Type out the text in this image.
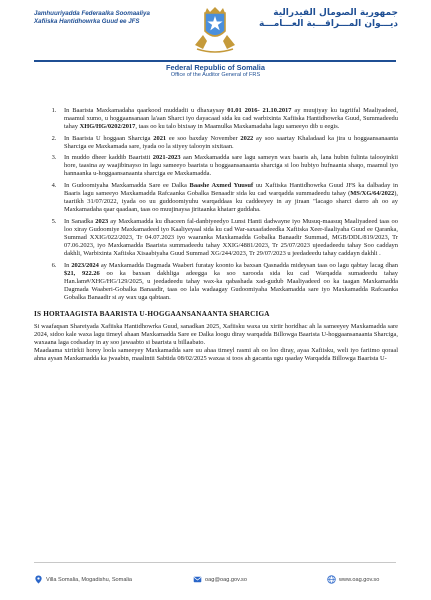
Jamhuuriyadda Federaalka Soomaaliya
Xafiiska Hantidhowrka Guud ee JFS
جمهورية الصومال الفيدرالية
ديـــوان المـــراقـــبة العـــامـــة
Federal Republic of Somalia
Office of the Auditor General of FRS
1. In Baarista Maxkamadaha qaarkood muddadii u dhaxaysay 01.01 2016- 21.10.2017 ay muujiyay ku tagriifal Maaliyadeed, maamul xumo, u hoggaansanaan la'aan Sharci iyo dayacaad sida ku cad warbixinta Xafiiska Hantidhowrka Guud, Summadeedu tahay XHG/HG/0202/2017, taas oo ku talo bixisay in Maamulka Maxkamadaha lagu sameeyo dib u eegis.
2. In Baarista U hoggaan Sharciga 2021 ee soo baxday November 2022 ay soo saartay Khaladaad ka jira u hoggaansanaanta Sharciga ee Maxkamada sare, iyada oo la siiyey talooyin sixitaan.
3. In muddo dheer kaddib Baaristii 2021-2023 aan Maxkamadda sare lagu sameyn wax baaris ah, lana hubin fulinta talooyinkii hore, taasina ay waajibinayso in lagu sameeyo baarista u hoggaansanaanta sharciga si loo hubiyo hufnaanta shaqo, maamul iyo hannaanka u-hoggaansanaanta sharciga ee Maxkamadda.
4. In Gudoomiyaha Maxkamadda Sare ee Dalka Baashe Axmed Yuusuf uu Xafiiska Hantidhowrka Guud JFS ka dalbaday in Baaris lagu sameeyo Maxkamadda Rafcaanka Gobalka Benaadir sida ku cad warqadda summadeedu tahay (MS/XG/64/2022), taariikh 31/07/2022, iyada oo uu guddoomiyuhu warqaddaas ku caddeeyey in ay jiraan "lacago sharci darro ah oo ay Maxkamadaha qaar qaadaan, taas oo muujinaysa jiritaanka khatarr guddaha.
5. In Sanadka 2023 ay Maxkamadda ku dhaceen fal-danbiyeedyo Lunsi Hanti dadwayne iyo Musuq-maasuq Maaliyadeed taas oo loo xiray Gudoomiye Maxkamadeed iyo Kaaliyeyaal sida ku cad War-saxaafadeedka Xafiiska Xeer-ilaaliyaha Guud ee Qaranka, Summad XXIG/022/2023, Tr 04.07.2023 iyo waaranka Maxkamadda Gobalka Banaadir Summad, MGB/DDL/819/2023, Tr 07.06.2023, iyo Maxkamadda Baarista summadeedu tahay XXIG/4881/2023, Tr 25/07/2023 ujeedadeedu tahay Soo caddayn dakhli, Warbixinta Xafiiska Xisaabiyaha Guud Summad XG/244/2023, Tr 29/07/2023 u jeedadeedu tahay caddayn dakhli .
6. In 2023/2024 ay Maxkamadda Dagmada Waaberi furatay koonto ka baxsan Qasnadda mideysan taas oo lagu qabtay lacag dhan $21, 922.26 oo ka baxsan dakhliga adeegga ka soo xarooda sida ku cad Warqadda sumadeedu tahay Han.lam#/XHG/HG/129/2025, u jeedadeedu tahay wax-ka qabashada xad-gudub Maaliyadeed oo ka taagan Maxkamadda Dagmada Waaberi-Gobalka Banaadir, taas oo lala wadaagay Gudoomiyaha Maxkamadda sare iyo Maxkamadda Rafcaanka Gobalka Banaadir si ay wax uga qabtaan.
IS HORTAAGISTA BAARISTA U-HOGGAANSANAANTA SHARCIGA

Si waafaqsan Shareiyada Xafiiska Hantidhowrka Guud, sanadkan 2025, Xafiisku waxa uu xiriir horidhac ah la sameeyey Maxkamadda sare 2024, sidoo kale waxa lagu timeyl ahaan Maxkamadda Sare ee Dalka loogu diray warqadda Billowga Baarista U-hoggaansanaanta Sharciga, waxaana laga codsaday in ay soo jawaabto si baarista u billaabato.

Maadaama xiriirkii horey loola sameeyey Maxkamadda sare uu ahaa timeyl rasmi ah oo loo diray, ayaa Xafiisku, weli iyo fariimo qoraal ahna aysan Maxkamadda ka jwaabin, maalintii Sabtida 08/02/2025 waxaa si toos ah gacanta ugu qaaday Warqadda Billowga Baarista U-

Villa Somalia, Mogadishu, Somalia	oag@oag.gov.so	www.oag.gov.so
